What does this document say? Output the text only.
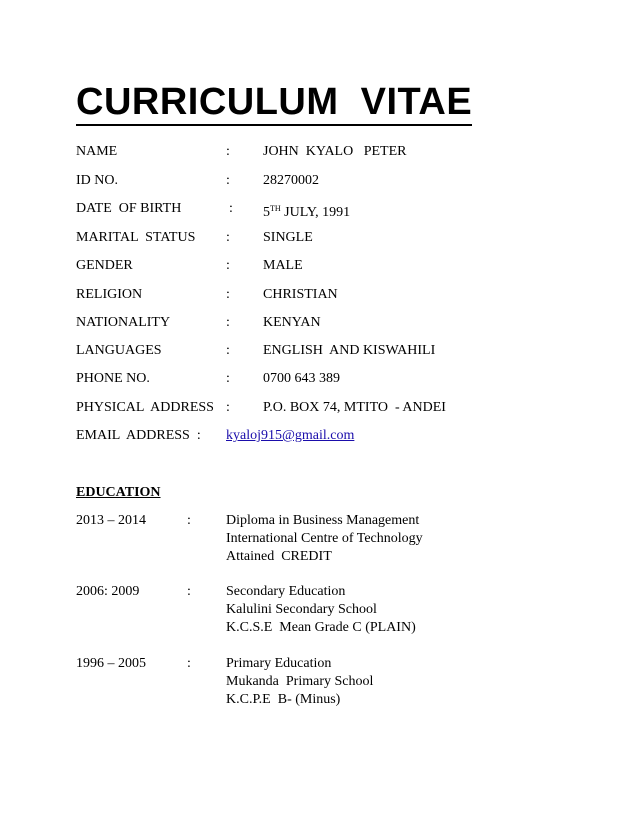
CURRICULUM  VITAE
NAME	: JOHN  KYALO   PETER
ID NO.	: 28270002
DATE  OF BIRTH	: 5TH JULY, 1991
MARITAL  STATUS : SINGLE
GENDER	: MALE
RELIGION	: CHRISTIAN
NATIONALITY	: KENYAN
LANGUAGES	: ENGLISH  AND KISWAHILI
PHONE NO.	: 0700 643 389
PHYSICAL  ADDRESS : P.O. BOX 74, MTITO  - ANDEI
EMAIL  ADDRESS  : kyaloj915@gmail.com
EDUCATION
2013 – 2014	:	Diploma in Business Management
International Centre of Technology
Attained  CREDIT
2006: 2009	:	Secondary Education
Kalulini Secondary School
K.C.S.E  Mean Grade C (PLAIN)
1996 – 2005	:	Primary Education
Mukanda  Primary School
K.C.P.E  B- (Minus)
